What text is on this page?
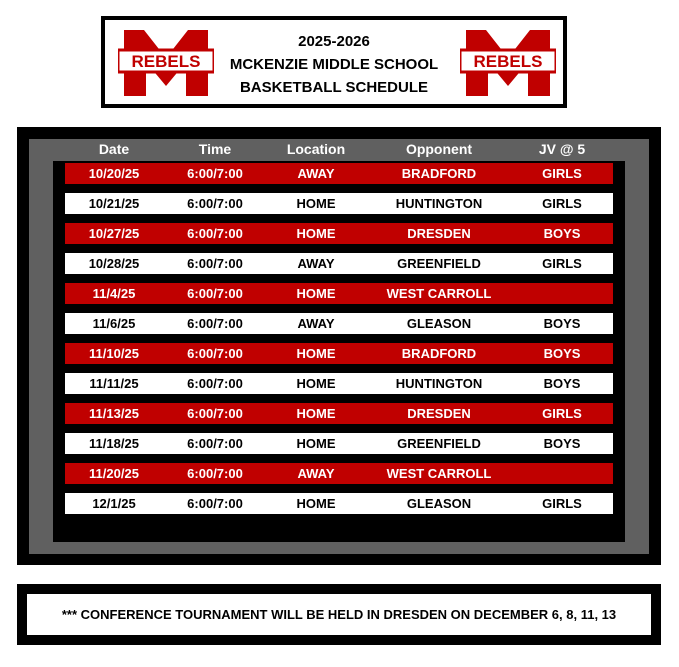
REBELS
2025-2026
MCKENZIE MIDDLE SCHOOL
BASKETBALL SCHEDULE
REBELS
Date	Time	Location	Opponent	JV @ 5
10/20/25	6:00/7:00	AWAY	BRADFORD	GIRLS
10/21/25	6:00/7:00	HOME	HUNTINGTON	GIRLS
10/27/25	6:00/7:00	HOME	DRESDEN	BOYS
10/28/25	6:00/7:00	AWAY	GREENFIELD	GIRLS
11/4/25	6:00/7:00	HOME	WEST CARROLL
11/6/25	6:00/7:00	AWAY	GLEASON	BOYS
11/10/25	6:00/7:00	HOME	BRADFORD	BOYS
11/11/25	6:00/7:00	HOME	HUNTINGTON	BOYS
11/13/25	6:00/7:00	HOME	DRESDEN	GIRLS
11/18/25	6:00/7:00	HOME	GREENFIELD	BOYS
11/20/25	6:00/7:00	AWAY	WEST CARROLL
12/1/25	6:00/7:00	HOME	GLEASON	GIRLS
*** CONFERENCE TOURNAMENT WILL BE HELD IN DRESDEN ON DECEMBER 6, 8, 11, 13
